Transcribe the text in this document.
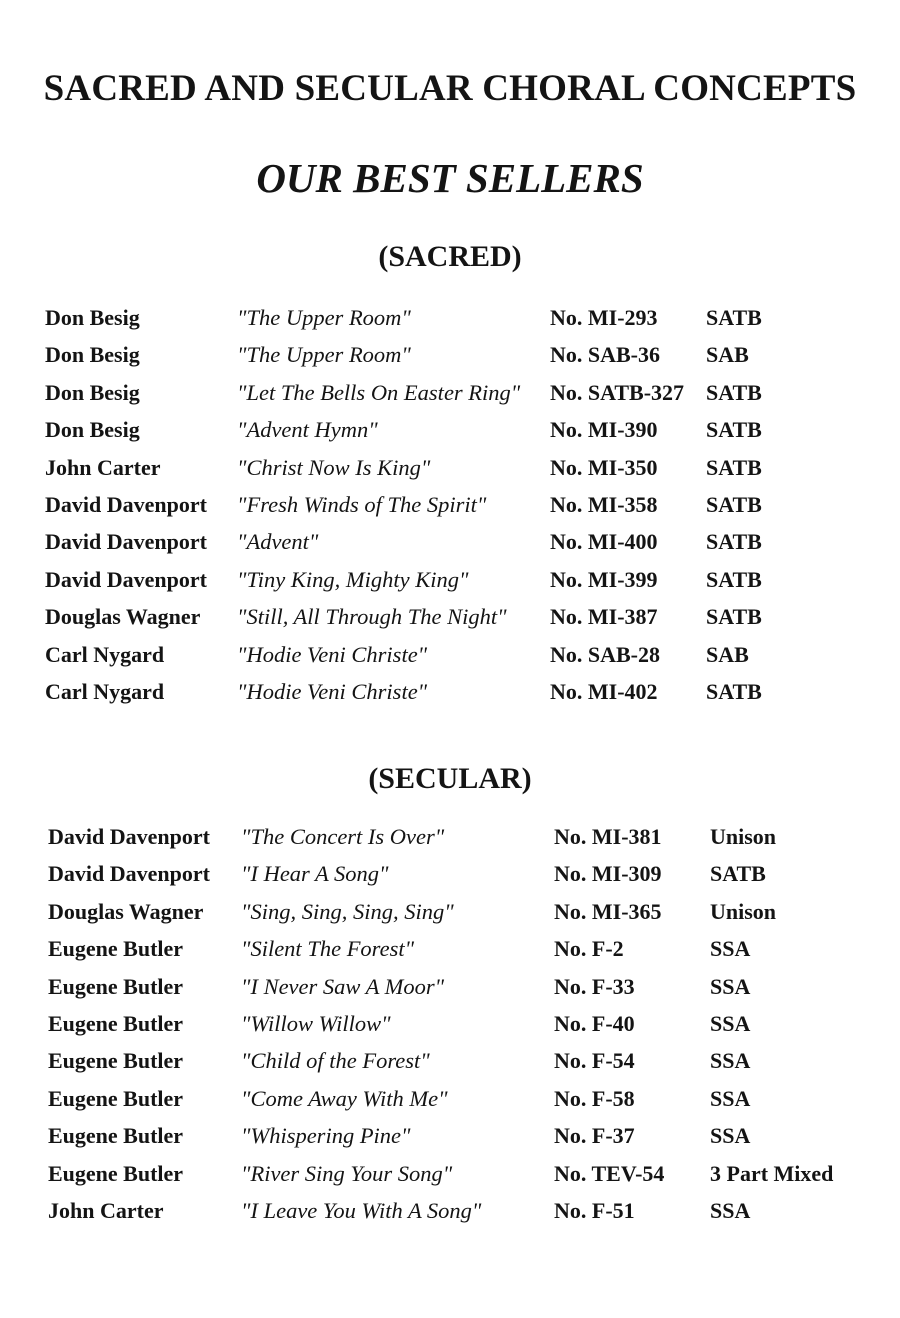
SACRED AND SECULAR CHORAL CONCEPTS
OUR BEST SELLERS
(SACRED)
Don Besig	"The Upper Room"	No. MI-293 SATB
Don Besig	"The Upper Room"	No. SAB-36 SAB
Don Besig	"Let The Bells On Easter Ring" No. SATB-327 SATB
Don Besig	"Advent Hymn"	No. MI-390 SATB
John Carter	"Christ Now Is King"	No. MI-350 SATB
David Davenport "Fresh Winds of The Spirit"	No. MI-358 SATB
David Davenport "Advent"	No. MI-400 SATB
David Davenport "Tiny King, Mighty King"	No. MI-399 SATB
Douglas Wagner "Still, All Through The Night" No. MI-387 SATB
Carl Nygard	"Hodie Veni Christe"	No. SAB-28 SAB
Carl Nygard	"Hodie Veni Christe"	No. MI-402 SATB
(SECULAR)
David Davenport "The Concert Is Over"	No. MI-381 Unison
David Davenport "I Hear A Song"	No. MI-309 SATB
Douglas Wagner "Sing, Sing, Sing, Sing"	No. MI-365 Unison
Eugene Butler	"Silent The Forest"	No. F-2	SSA
Eugene Butler	"I Never Saw A Moor"	No. F-33	SSA
Eugene Butler	"Willow Willow"	No. F-40	SSA
Eugene Butler	"Child of the Forest"	No. F-54	SSA
Eugene Butler	"Come Away With Me"	No. F-58	SSA
Eugene Butler	"Whispering Pine"	No. F-37	SSA
Eugene Butler	"River Sing Your Song"	No. TEV-54 3 Part Mixed
John Carter	"I Leave You With A Song"	No. F-51	SSA
